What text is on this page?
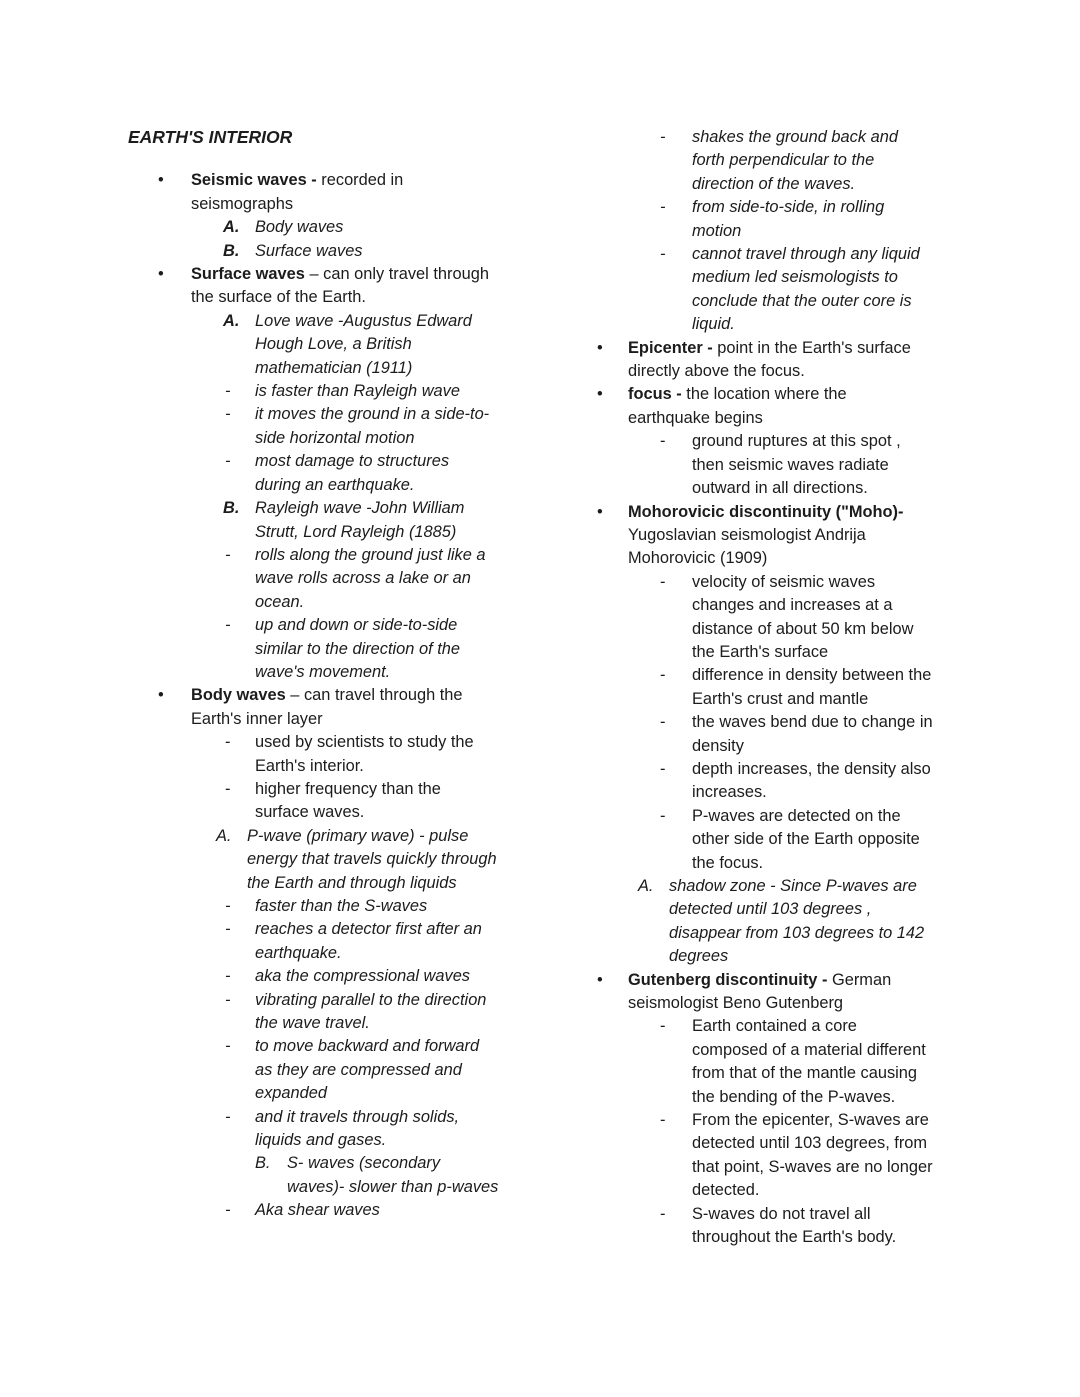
EARTH'S INTERIOR
• Seismic waves - recorded in
seismographs
A. Body waves
B. Surface waves
• Surface waves – can only travel through
the surface of the Earth.
A. Love wave -Augustus Edward
Hough Love, a British
mathematician (1911)
- is faster than Rayleigh wave
- it moves the ground in a side-to-
side horizontal motion
- most damage to structures
during an earthquake.
B. Rayleigh wave -John William
Strutt, Lord Rayleigh (1885)
- rolls along the ground just like a
wave rolls across a lake or an
ocean.
- up and down or side-to-side
similar to the direction of the
wave's movement.
• Body waves – can travel through the
Earth's inner layer
- used by scientists to study the
Earth's interior.
- higher frequency than the
surface waves.
A. P-wave (primary wave) - pulse
energy that travels quickly through
the Earth and through liquids
- faster than the S-waves
- reaches a detector first after an
earthquake.
- aka the compressional waves
- vibrating parallel to the direction
the wave travel.
- to move backward and forward
as they are compressed and
expanded
- and it travels through solids,
liquids and gases.
B. S- waves (secondary
waves)- slower than p-waves
- Aka shear waves
- shakes the ground back and
forth perpendicular to the
direction of the waves.
- from side-to-side, in rolling
motion
- cannot travel through any liquid
medium led seismologists to
conclude that the outer core is
liquid.
• Epicenter - point in the Earth's surface
directly above the focus.
• focus - the location where the
earthquake begins
- ground ruptures at this spot ,
then seismic waves radiate
outward in all directions.
• Mohorovicic discontinuity ("Moho)-
Yugoslavian seismologist Andrija
Mohorovicic (1909)
- velocity of seismic waves
changes and increases at a
distance of about 50 km below
the Earth's surface
- difference in density between the
Earth's crust and mantle
- the waves bend due to change in
density
- depth increases, the density also
increases.
- P-waves are detected on the
other side of the Earth opposite
the focus.
A. shadow zone - Since P-waves are
detected until 103 degrees ,
disappear from 103 degrees to 142
degrees
• Gutenberg discontinuity - German
seismologist Beno Gutenberg
- Earth contained a core
composed of a material different
from that of the mantle causing
the bending of the P-waves.
- From the epicenter, S-waves are
detected until 103 degrees, from
that point, S-waves are no longer
detected.
- S-waves do not travel all
throughout the Earth's body.
